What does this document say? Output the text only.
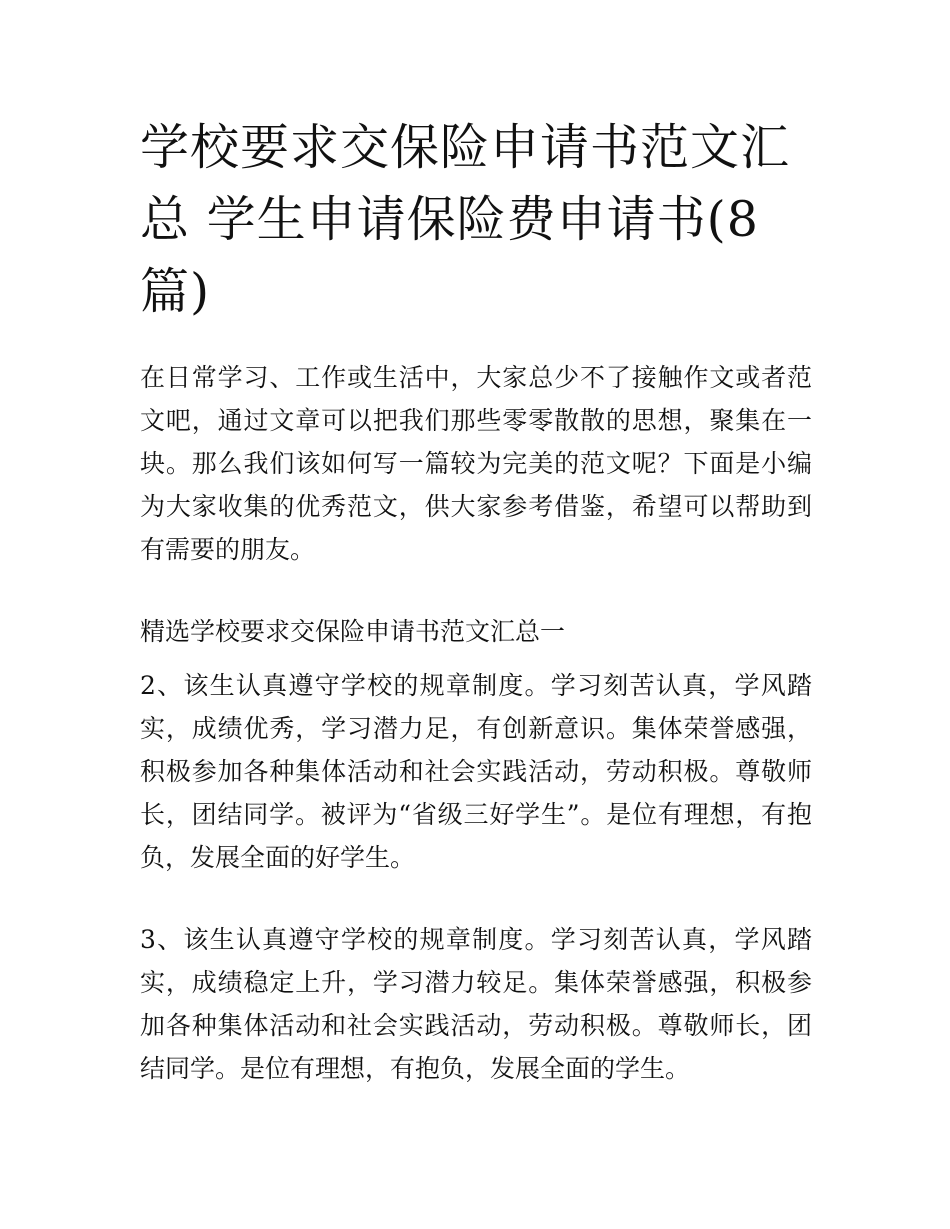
学校要求交保险申请书范文汇总 学生申请保险费申请书(8篇)

在日常学习、工作或生活中，大家总少不了接触作文或者范文吧，通过文章可以把我们那些零零散散的思想，聚集在一块。那么我们该如何写一篇较为完美的范文呢？下面是小编为大家收集的优秀范文，供大家参考借鉴，希望可以帮助到有需要的朋友。

精选学校要求交保险申请书范文汇总一

2、该生认真遵守学校的规章制度。学习刻苦认真，学风踏实，成绩优秀，学习潜力足，有创新意识。集体荣誉感强，积极参加各种集体活动和社会实践活动，劳动积极。尊敬师长，团结同学。被评为“省级三好学生”。是位有理想，有抱负，发展全面的好学生。

3、该生认真遵守学校的规章制度。学习刻苦认真，学风踏实，成绩稳定上升，学习潜力较足。集体荣誉感强，积极参加各种集体活动和社会实践活动，劳动积极。尊敬师长，团结同学。是位有理想，有抱负，发展全面的学生。
